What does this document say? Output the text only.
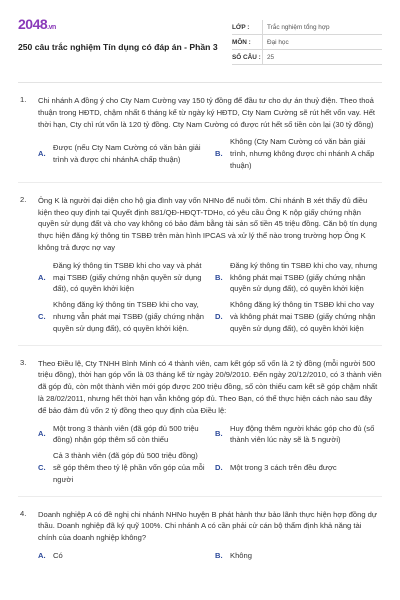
2048.vn
250 câu trắc nghiệm Tín dụng có đáp án - Phần 3
LỚP :	Trắc nghiệm tổng hợp
MÔN :	Đại học
SỐ CÂU : 25
1. Chi nhánh A đồng ý cho Cty Nam Cường vay 150 tỷ đồng để đầu tư cho dự án thuỷ điện. Theo thoả thuận trong HĐTD, chậm nhất 6 tháng kể từ ngày ký HĐTD, Cty Nam Cường sẽ rút hết vốn vay. Hết thời hạn, Cty chỉ rút vốn là 120 tỷ đồng. Cty Nam Cường có được rút hết số tiền còn lại (30 tỷ đồng)
A.
Được (nếu Cty Nam Cường có văn bản giải trình và được chi nhánhA chấp thuận)
B.
Không (Cty Nam Cường có văn bản giải trình, nhưng không được chi nhánh A chấp thuận)
2. Ông K là người đại diện cho hộ gia đình vay vốn NHNo để nuôi tôm. Chi nhánh B xét thấy đủ điều kiện theo quy định tại Quyết định 881/QĐ-HĐQT-TDHo, có yêu cầu Ông K nộp giấy chứng nhận quyền sử dụng đất và cho vay không có bảo đảm bằng tài sản số tiền 45 triệu đồng. Căn bộ tín dụng thực hiện đăng ký thông tin TSBĐ trên màn hình IPCAS và xử lý thế nào trong trường hợp Ông K không trả được nợ vay
A.
Đăng ký thông tin TSBĐ khi cho vay và phát mại TSBĐ (giấy chứng nhận quyền sử dụng đất), có quyền khởi kiện
B.
Đăng ký thông tin TSBĐ khi cho vay, nhưng không phát mại TSBĐ (giấy chứng nhận quyền sử dụng đất), có quyền khởi kiện
C.
Không đăng ký thông tin TSBĐ khi cho vay, nhưng vẫn phát mại TSBĐ (giấy chứng nhận quyền sử dụng đất), có quyền khởi kiện.
D.
Không đăng ký thông tin TSBĐ khi cho vay và không phát mại TSBĐ (giấy chứng nhận quyền sử dụng đất), có quyền khởi kiện
3. Theo Điều lệ, Cty TNHH Bình Minh có 4 thành viên, cam kết góp số vốn là 2 tỷ đồng (mỗi người 500 triệu đồng), thời hạn góp vốn là 03 tháng kể từ ngày 20/9/2010. Đến ngày 20/12/2010, có 3 thành viên đã góp đủ, còn một thành viên mới góp được 200 triệu đồng, số còn thiếu cam kết sẽ góp chậm nhất là 28/02/2011, nhưng hết thời hạn vẫn không góp đủ. Theo Bạn, có thể thực hiện cách nào sau đây để bảo đảm đủ vốn 2 tỷ đồng theo quy định của Điều lệ:
A.
Một trong 3 thành viên (đã góp đủ 500 triệu đồng) nhận góp thêm số còn thiếu
B.
Huy động thêm người khác góp cho đủ (số thành viên lúc này sẽ là 5 người)
C.
Cả 3 thành viên (đã góp đủ 500 triệu đồng) sẽ góp thêm theo tỷ lệ phần vốn góp của mỗi người
D. Một trong 3 cách trên đều được
4. Doanh nghiệp A có đề nghị chi nhánh NHNo huyện B phát hành thư bảo lãnh thực hiện hợp đồng dự thầu. Doanh nghiệp đã ký quỹ 100%. Chi nhánh A có cần phải cử cán bộ thẩm định khả năng tài chính của doanh nghiệp không?
A. Có	B. Không
